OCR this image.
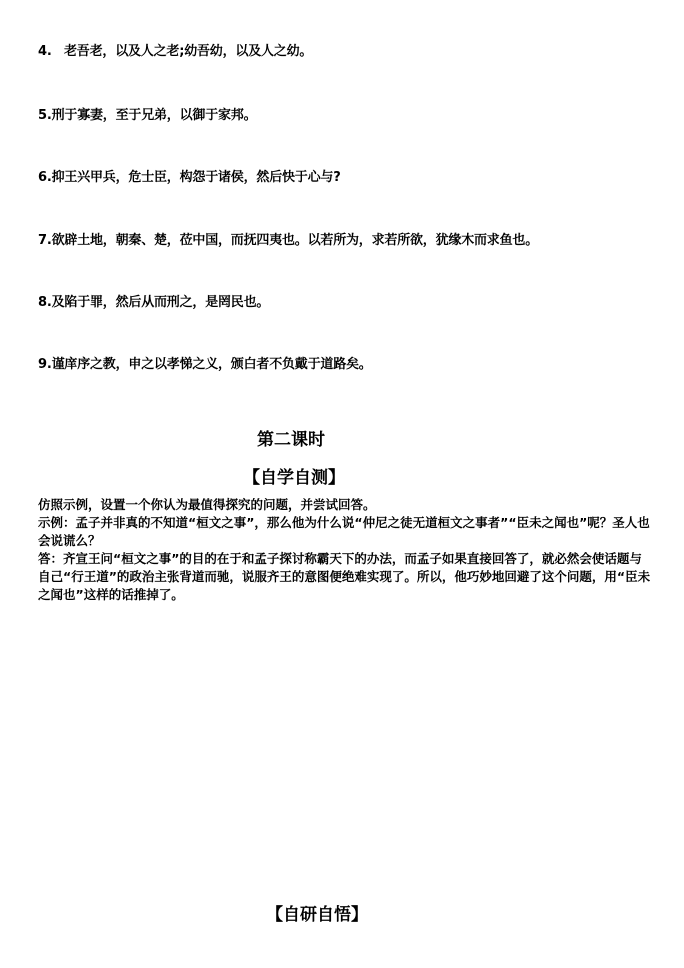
4. 老吾老，以及人之老;幼吾幼，以及人之幼。
5.刑于寡妻，至于兄弟，以御于家邦。
6.抑王兴甲兵，危士臣，构怨于诸侯，然后快于心与?
7.欲辟土地，朝秦、楚，莅中国，而抚四夷也。以若所为，求若所欲，犹缘木而求鱼也。
8.及陷于罪，然后从而刑之，是罔民也。
9.谨庠序之教，申之以孝悌之义，颁白者不负戴于道路矣。
第二课时
【自学自测】

仿照示例，设置一个你认为最值得探究的问题，并尝试回答。

示例：孟子并非真的不知道“桓文之事”，那么他为什么说“仲尼之徒无道桓文之事者”“臣未之闻也”呢？圣人也会说谎么？

答：齐宣王问“桓文之事”的目的在于和孟子探讨称霸天下的办法，而孟子如果直接回答了，就必然会使话题与自己“行王道”的政治主张背道而驰，说服齐王的意图便绝难实现了。所以，他巧妙地回避了这个问题，用“臣未之闻也”这样的话推掉了。

【自研自悟】
